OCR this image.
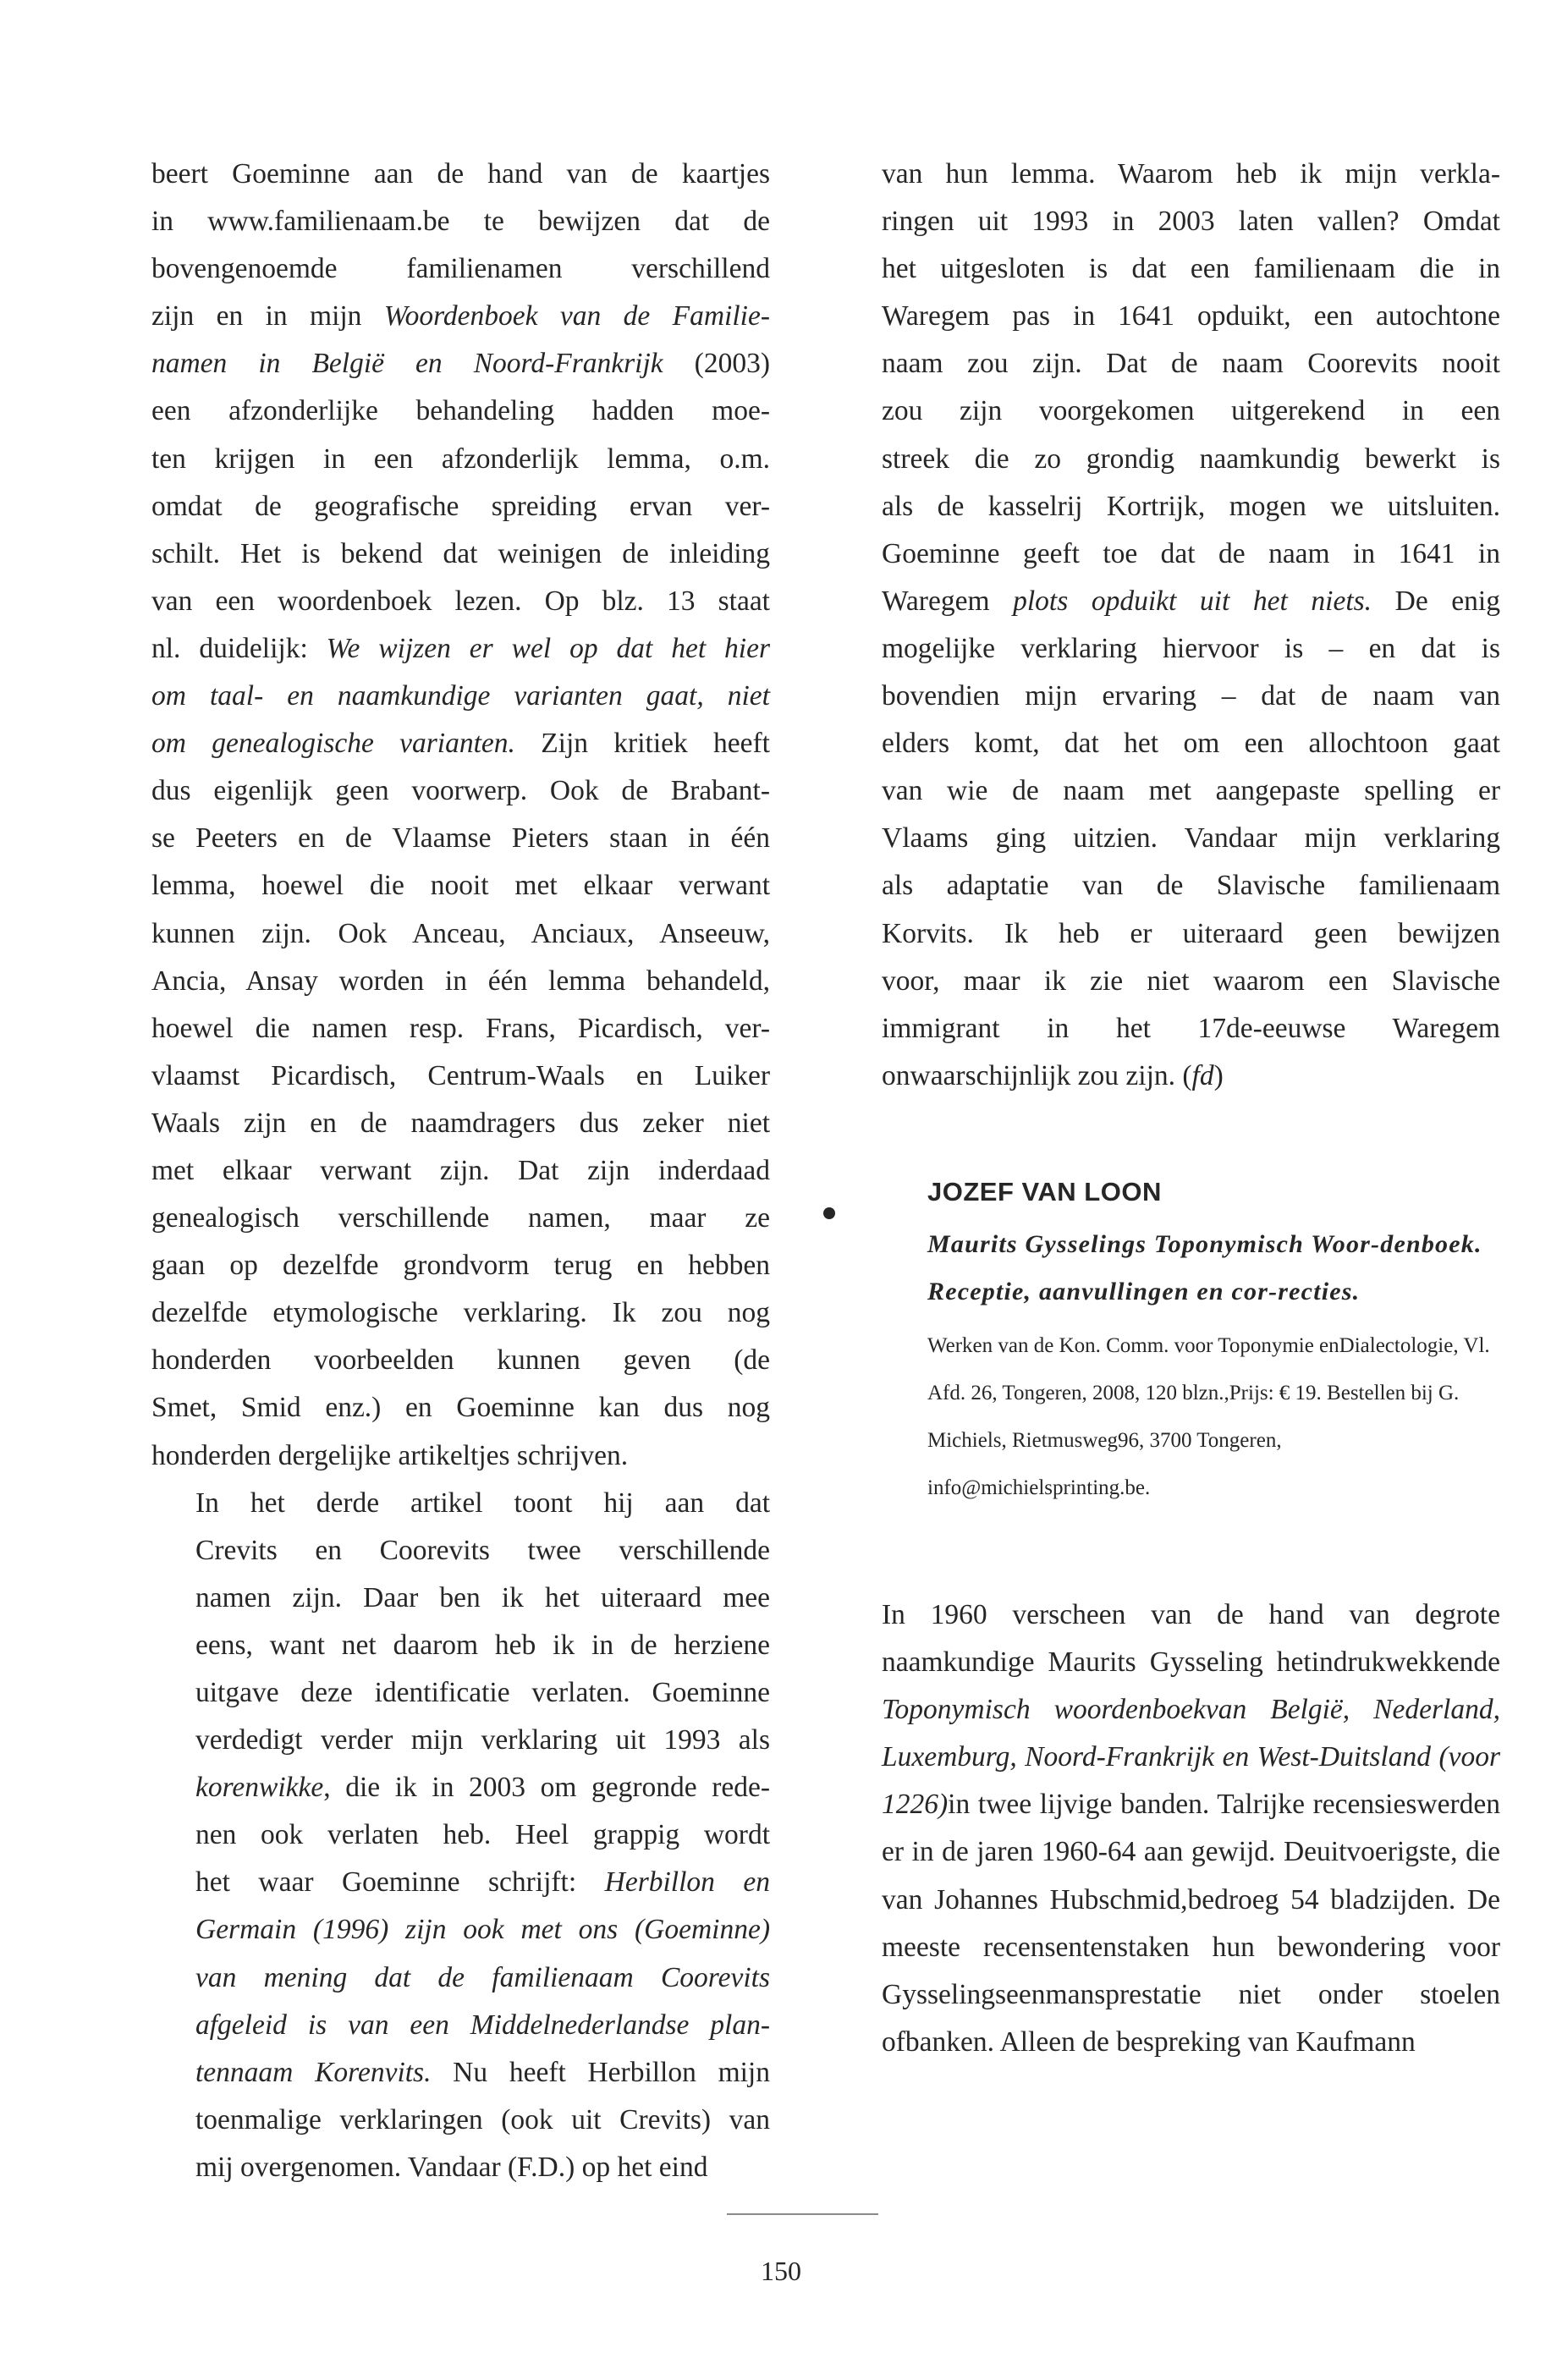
beert Goeminne aan de hand van de kaartjes
in www.familienaam.be te bewijzen dat de
bovengenoemde familienamen verschillend
zijn en in mijn Woordenboek van de Familie-
namen in België en Noord-Frankrijk (2003)
een afzonderlijke behandeling hadden moe-
ten krijgen in een afzonderlijk lemma, o.m.
omdat de geografische spreiding ervan ver-
schilt. Het is bekend dat weinigen de inleiding
van een woordenboek lezen. Op blz. 13 staat
nl. duidelijk: We wijzen er wel op dat het hier
om taal- en naamkundige varianten gaat, niet
om genealogische varianten. Zijn kritiek heeft
dus eigenlijk geen voorwerp. Ook de Brabant-
se Peeters en de Vlaamse Pieters staan in één
lemma, hoewel die nooit met elkaar verwant
kunnen zijn. Ook Anceau, Anciaux, Anseeuw,
Ancia, Ansay worden in één lemma behandeld,
hoewel die namen resp. Frans, Picardisch, ver-
vlaamst Picardisch, Centrum-Waals en Luiker
Waals zijn en de naamdragers dus zeker niet
met elkaar verwant zijn. Dat zijn inderdaad
genealogisch verschillende namen, maar ze
gaan op dezelfde grondvorm terug en hebben
dezelfde etymologische verklaring. Ik zou nog
honderden voorbeelden kunnen geven (de
Smet, Smid enz.) en Goeminne kan dus nog
honderden dergelijke artikeltjes schrijven.

In het derde artikel toont hij aan dat
Crevits en Coorevits twee verschillende
namen zijn. Daar ben ik het uiteraard mee
eens, want net daarom heb ik in de herziene
uitgave deze identificatie verlaten. Goeminne
verdedigt verder mijn verklaring uit 1993 als
korenwikke, die ik in 2003 om gegronde rede-
nen ook verlaten heb. Heel grappig wordt
het waar Goeminne schrijft: Herbillon en
Germain (1996) zijn ook met ons (Goeminne)
van mening dat de familienaam Coorevits
afgeleid is van een Middelnederlandse plan-
tennaam Korenvits. Nu heeft Herbillon mijn
toenmalige verklaringen (ook uit Crevits) van
mij overgenomen. Vandaar (F.D.) op het eind

van hun lemma. Waarom heb ik mijn verkla-
ringen uit 1993 in 2003 laten vallen? Omdat
het uitgesloten is dat een familienaam die in
Waregem pas in 1641 opduikt, een autochtone
naam zou zijn. Dat de naam Coorevits nooit
zou zijn voorgekomen uitgerekend in een
streek die zo grondig naamkundig bewerkt is
als de kasselrij Kortrijk, mogen we uitsluiten.
Goeminne geeft toe dat de naam in 1641 in
Waregem plots opduikt uit het niets. De enig
mogelijke verklaring hiervoor is – en dat is
bovendien mijn ervaring – dat de naam van
elders komt, dat het om een allochtoon gaat
van wie de naam met aangepaste spelling er
Vlaams ging uitzien. Vandaar mijn verklaring
als adaptatie van de Slavische familienaam
Korvits. Ik heb er uiteraard geen bewijzen
voor, maar ik zie niet waarom een Slavische
immigrant in het 17de-eeuwse Waregem
onwaarschijnlijk zou zijn. (fd)

JOZEF VAN LOON
Maurits Gysselings Toponymisch Woor-denboek. Receptie, aanvullingen en cor-recties.
Werken van de Kon. Comm. voor Toponymie enDialectologie, Vl. Afd. 26, Tongeren, 2008, 120 blzn.,Prijs: € 19. Bestellen bij G. Michiels, Rietmusweg96, 3700 Tongeren, info@michielsprinting.be.

In 1960 verscheen van de hand van degrote naamkundige Maurits Gysseling hetindrukwekkende Toponymisch woordenboekvan België, Nederland, Luxemburg, Noord-Frankrijk en West-Duitsland (voor 1226)in twee lijvige banden. Talrijke recensieswerden er in de jaren 1960-64 aan gewijd. Deuitvoerigste, die van Johannes Hubschmid,bedroeg 54 bladzijden. De meeste recensentenstaken hun bewondering voor Gysselingseenmansprestatie niet onder stoelen ofbanken. Alleen de bespreking van Kaufmann

150
